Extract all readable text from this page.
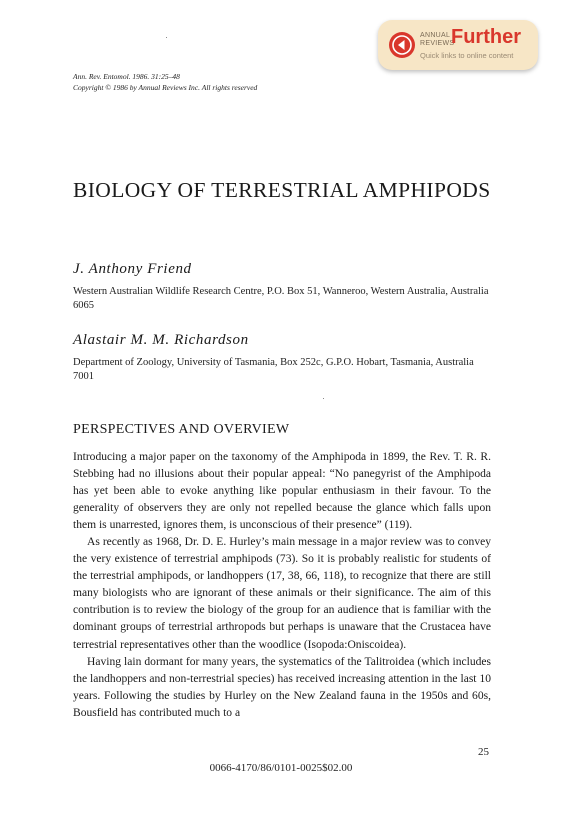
ANNUAL
REVIEWS
Further
Quick links to online content
Ann. Rev. Entomol. 1986. 31:25–48
Copyright © 1986 by Annual Reviews Inc. All rights reserved
BIOLOGY OF TERRESTRIAL AMPHIPODS
J. Anthony Friend
Western Australian Wildlife Research Centre, P.O. Box 51, Wanneroo, Western Australia, Australia 6065
Alastair M. M. Richardson
Department of Zoology, University of Tasmania, Box 252c, G.P.O. Hobart, Tasmania, Australia 7001
PERSPECTIVES AND OVERVIEW

Introducing a major paper on the taxonomy of the Amphipoda in 1899, the Rev. T. R. R. Stebbing had no illusions about their popular appeal: “No panegyrist of the Amphipoda has yet been able to evoke anything like popular enthusiasm in their favour. To the generality of observers they are only not repelled because the glance which falls upon them is unarrested, ignores them, is unconscious of their presence” (119).

As recently as 1968, Dr. D. E. Hurley’s main message in a major review was to convey the very existence of terrestrial amphipods (73). So it is probably realistic for students of the terrestrial amphipods, or landhoppers (17, 38, 66, 118), to recognize that there are still many biologists who are ignorant of these animals or their significance. The aim of this contribution is to review the biology of the group for an audience that is familiar with the dominant groups of terrestrial arthropods but perhaps is unaware that the Crustacea have terrestrial representatives other than the woodlice (Isopoda:Oniscoidea).

Having lain dormant for many years, the systematics of the Talitroidea (which includes the landhoppers and non-terrestrial species) has received increasing attention in the last 10 years. Following the studies by Hurley on the New Zealand fauna in the 1950s and 60s, Bousfield has contributed much to a

25
0066-4170/86/0101-0025$02.00
